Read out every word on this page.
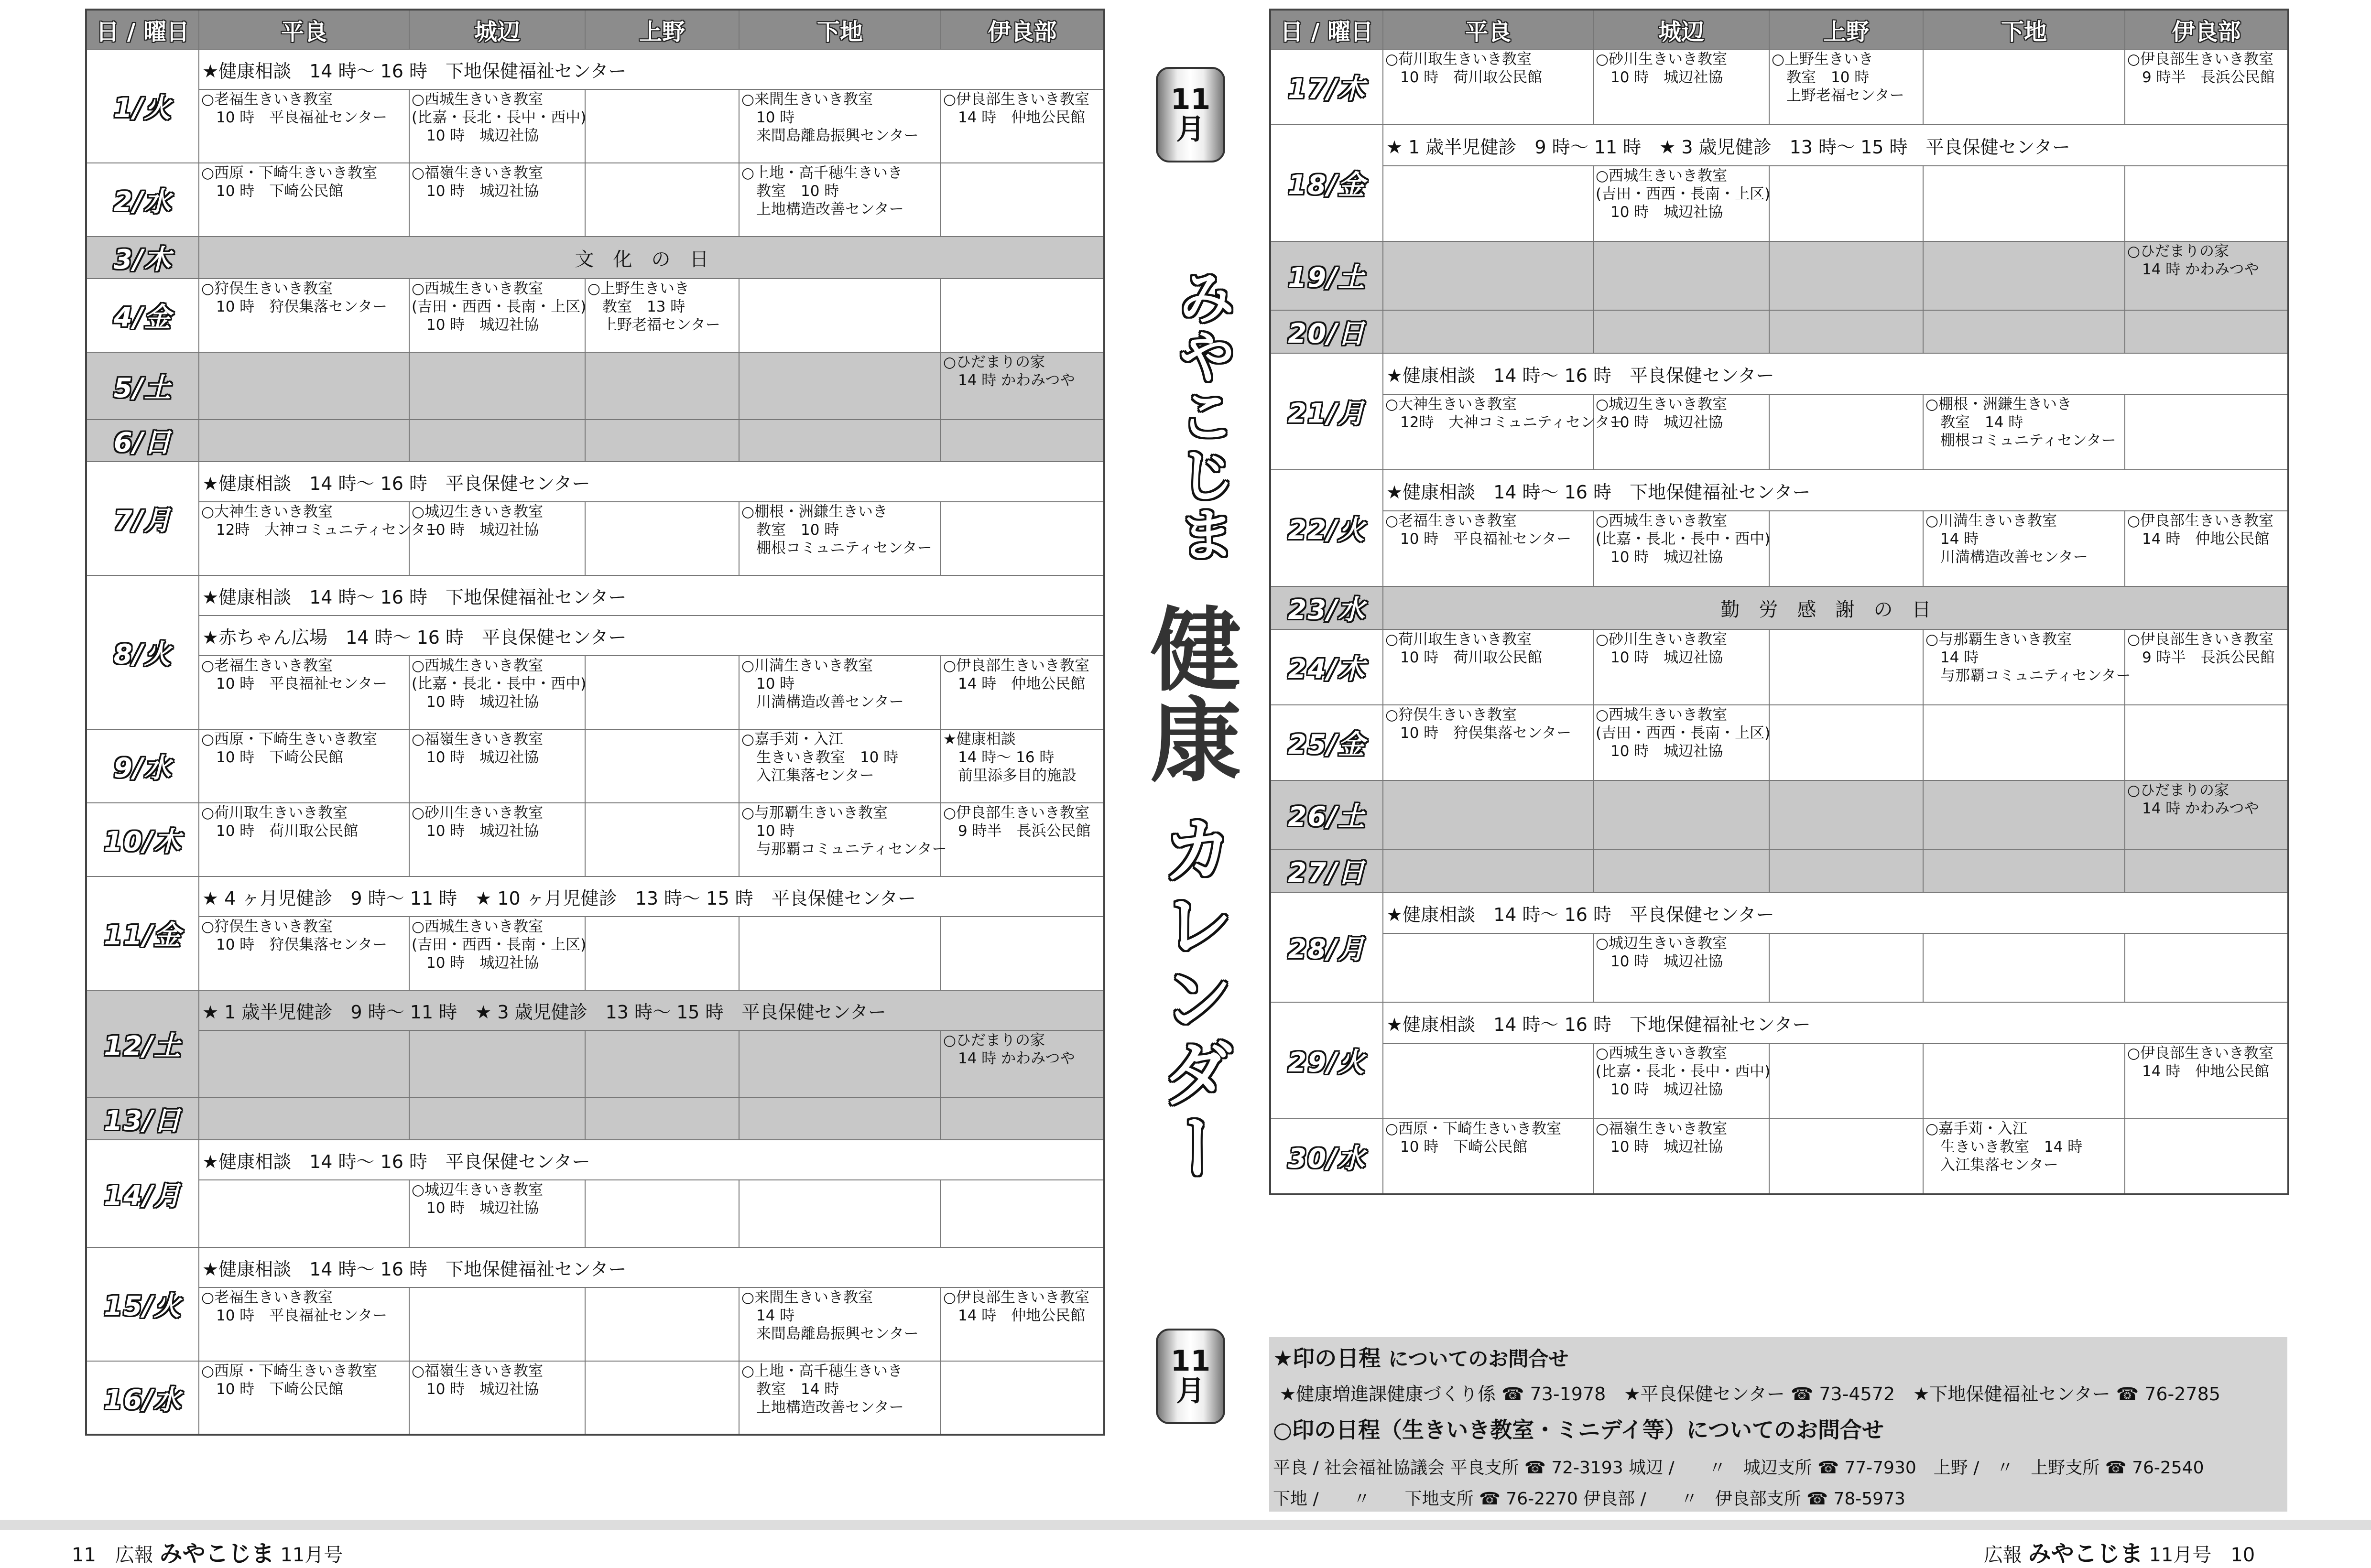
日 / 曜日	平良	城辺	上野	下地	伊良部
1/火	★健康相談　14 時～ 16 時　下地保健福祉センター				

	○老福生きいき教室
　10 時　平良福祉センター	○西城生きいき教室
(比嘉・長北・長中・西中)
　10 時　城辺社協		○来間生きいき教室
　10 時
　来間島離島振興センター	○伊良部生きいき教室
　14 時　仲地公民館

2/水	○西原・下崎生きいき教室
　10 時　下崎公民館	○福嶺生きいき教室
　10 時　城辺社協		○上地・高千穂生きいき
　教室　10 時
　上地構造改善センター	

3/木	文化の日				
4/金	○狩俣生きいき教室
　10 時　狩俣集落センター	○西城生きいき教室
(吉田・西西・長南・上区)
　10 時　城辺社協	○上野生きいき
　教室　13 時
　上野老福センター		

5/土					○ひだまりの家
　14 時 かわみつや

6/日					
7/月	★健康相談　14 時～ 16 時　平良保健センター				

	○大神生きいき教室
　12時　大神コミュニティセンター	○城辺生きいき教室
　10 時　城辺社協		○棚根・洲鎌生きいき
　教室　10 時
　棚根コミュニティセンター	

8/火	★健康相談　14 時～ 16 時　下地保健福祉センター				
	★赤ちゃん広場　14 時～ 16 時　平良保健センター				

	○老福生きいき教室
　10 時　平良福祉センター	○西城生きいき教室
(比嘉・長北・長中・西中)
　10 時　城辺社協		○川満生きいき教室
　10 時
　川満構造改善センター	○伊良部生きいき教室
　14 時　仲地公民館

9/水	○西原・下崎生きいき教室
　10 時　下崎公民館	○福嶺生きいき教室
　10 時　城辺社協		○嘉手苅・入江
　生きいき教室　10 時
　入江集落センター	★健康相談
　14 時～ 16 時
　前里添多目的施設

10/木	○荷川取生きいき教室
　10 時　荷川取公民館	○砂川生きいき教室
　10 時　城辺社協		○与那覇生きいき教室
　10 時
　与那覇コミュニティセンター	○伊良部生きいき教室
　9 時半　長浜公民館

11/金	★ 4 ヶ月児健診　9 時～ 11 時　★ 10 ヶ月児健診　13 時～ 15 時　平良保健センター				

	○狩俣生きいき教室
　10 時　狩俣集落センター	○西城生きいき教室
(吉田・西西・長南・上区)
　10 時　城辺社協			

12/土	★ 1 歳半児健診　9 時～ 11 時　★ 3 歳児健診　13 時～ 15 時　平良保健センター				

					○ひだまりの家
　14 時 かわみつや

13/日					
14/月	★健康相談　14 時～ 16 時　平良保健センター				

		○城辺生きいき教室
　10 時　城辺社協			

15/火	★健康相談　14 時～ 16 時　下地保健福祉センター				

	○老福生きいき教室
　10 時　平良福祉センター			○来間生きいき教室
　14 時
　来間島離島振興センター	○伊良部生きいき教室
　14 時　仲地公民館

16/水	○西原・下崎生きいき教室
　10 時　下崎公民館	○福嶺生きいき教室
　10 時　城辺社協		○上地・高千穂生きいき
　教室　14 時
　上地構造改善センター	

日 / 曜日	平良	城辺	上野	下地	伊良部
17/木	○荷川取生きいき教室
　10 時　荷川取公民館	○砂川生きいき教室
　10 時　城辺社協	○上野生きいき
　教室　10 時
　上野老福センター		○伊良部生きいき教室
　9 時半　長浜公民館

18/金	★ 1 歳半児健診　9 時～ 11 時　★ 3 歳児健診　13 時～ 15 時　平良保健センター				

		○西城生きいき教室
(吉田・西西・長南・上区)
　10 時　城辺社協			

19/土					○ひだまりの家
　14 時 かわみつや

20/日					
21/月	★健康相談　14 時～ 16 時　平良保健センター				

	○大神生きいき教室
　12時　大神コミュニティセンター	○城辺生きいき教室
　10 時　城辺社協		○棚根・洲鎌生きいき
　教室　14 時
　棚根コミュニティセンター	

22/火	★健康相談　14 時～ 16 時　下地保健福祉センター				

	○老福生きいき教室
　10 時　平良福祉センター	○西城生きいき教室
(比嘉・長北・長中・西中)
　10 時　城辺社協		○川満生きいき教室
　14 時
　川満構造改善センター	○伊良部生きいき教室
　14 時　仲地公民館

23/水	勤労感謝の日				
24/木	○荷川取生きいき教室
　10 時　荷川取公民館	○砂川生きいき教室
　10 時　城辺社協		○与那覇生きいき教室
　14 時
　与那覇コミュニティセンター	○伊良部生きいき教室
　9 時半　長浜公民館

25/金	○狩俣生きいき教室
　10 時　狩俣集落センター	○西城生きいき教室
(吉田・西西・長南・上区)
　10 時　城辺社協			

26/土					○ひだまりの家
　14 時 かわみつや

27/日					
28/月	★健康相談　14 時～ 16 時　平良保健センター				

		○城辺生きいき教室
　10 時　城辺社協			

29/火	★健康相談　14 時～ 16 時　下地保健福祉センター				

		○西城生きいき教室
(比嘉・長北・長中・西中)
　10 時　城辺社協			○伊良部生きいき教室
　14 時　仲地公民館

30/水	○西原・下崎生きいき教室
　10 時　下崎公民館	○福嶺生きいき教室
　10 時　城辺社協		○嘉手苅・入江
　生きいき教室　14 時
　入江集落センター	

11
月
みやこじま
健康
カレンダー
11
月
★印の日程 についてのお問合せ
★健康増進課健康づくり係 ☎ 73-1978　★平良保健センター ☎ 73-4572　★下地保健福祉センター ☎ 76-2785
○印の日程（生きいき教室・ミニデイ等）についてのお問合せ
平良 / 社会福祉協議会 平良支所 ☎ 72-3193 城辺 /　　〃　城辺支所 ☎ 77-7930　上野 /　〃　上野支所 ☎ 76-2540
下地 /　　〃　　下地支所 ☎ 76-2270 伊良部 /　　〃　伊良部支所 ☎ 78-5973
11　 広報 みやこじま 11月号	広報 みやこじま 11月号　 10
